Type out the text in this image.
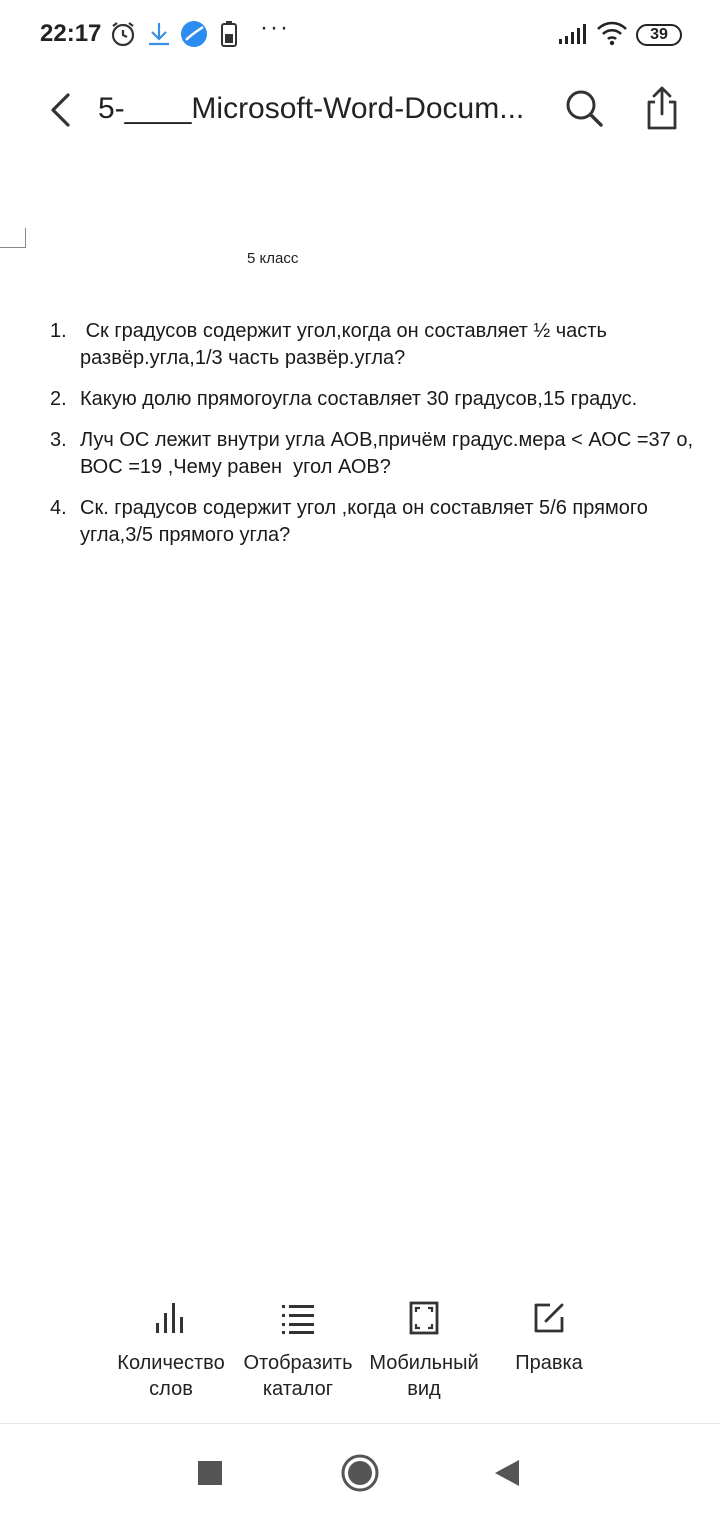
22:17	···	39
5-____Microsoft-Word-Docum...
5 класс
1. Ск градусов содержит угол,когда он составляет ½ часть
развёр.угла,1/3 часть развёр.угла?
2. Какую долю прямогоугла составляет 30 градусов,15 градус.
3. Луч ОС лежит внутри угла АОВ,причём градус.мера < АОС =37 о,
ВОС =19 ,Чему равен  угол АОВ?
4. Ск. градусов содержит угол ,когда он составляет 5/6 прямого
угла,3/5 прямого угла?
Количество
слов
Отобразить
каталог
Мобильный
вид
Правка
